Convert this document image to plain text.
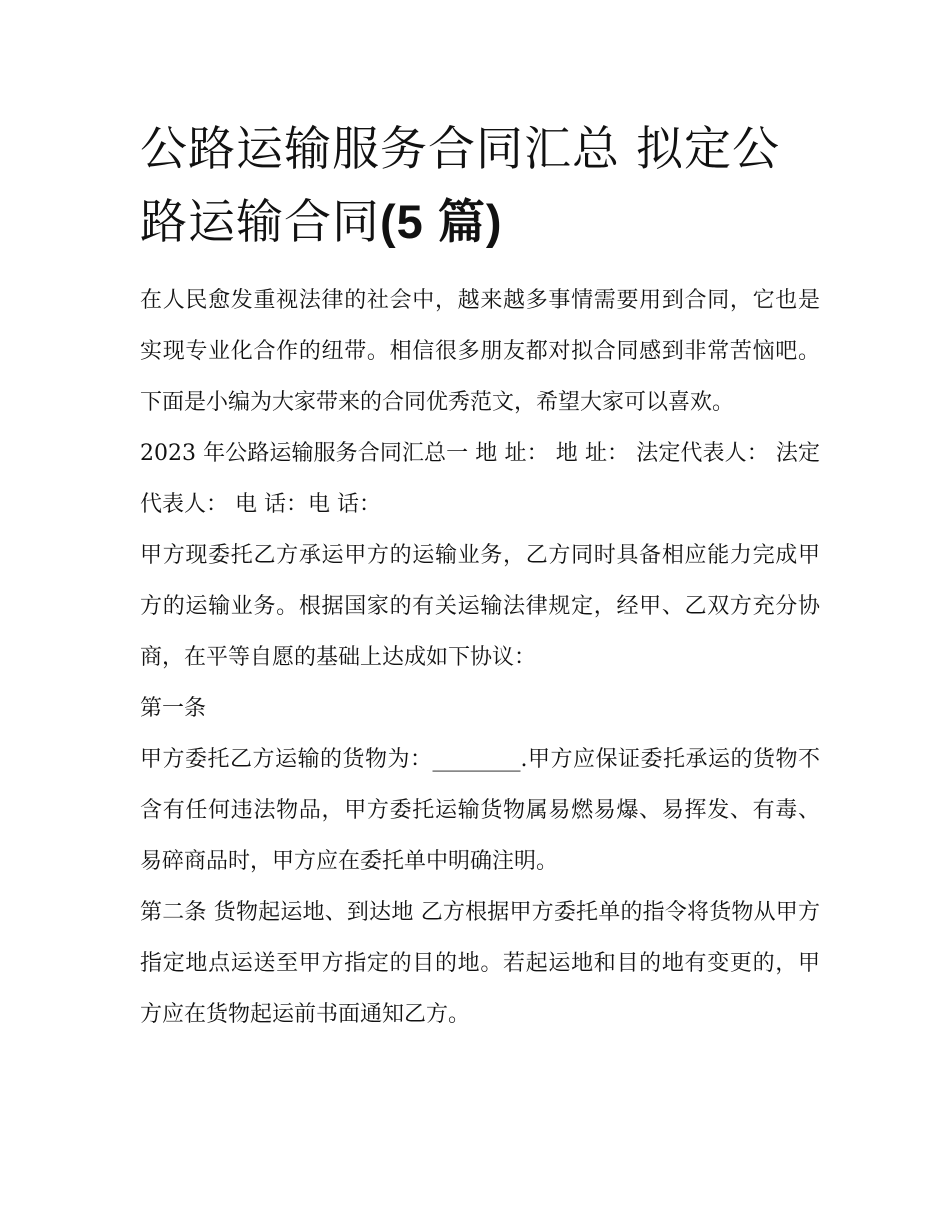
公路运输服务合同汇总 拟定公路运输合同(5 篇)

在人民愈发重视法律的社会中，越来越多事情需要用到合同，它也是实现专业化合作的纽带。相信很多朋友都对拟合同感到非常苦恼吧。下面是小编为大家带来的合同优秀范文，希望大家可以喜欢。

2023 年公路运输服务合同汇总一 地 址： 地 址： 法定代表人： 法定代表人： 电 话：电 话：

甲方现委托乙方承运甲方的运输业务，乙方同时具备相应能力完成甲方的运输业务。根据国家的有关运输法律规定，经甲、乙双方充分协商，在平等自愿的基础上达成如下协议：

第一条

甲方委托乙方运输的货物为：________.甲方应保证委托承运的货物不含有任何违法物品，甲方委托运输货物属易燃易爆、易挥发、有毒、易碎商品时，甲方应在委托单中明确注明。

第二条 货物起运地、到达地 乙方根据甲方委托单的指令将货物从甲方指定地点运送至甲方指定的目的地。若起运地和目的地有变更的，甲方应在货物起运前书面通知乙方。
